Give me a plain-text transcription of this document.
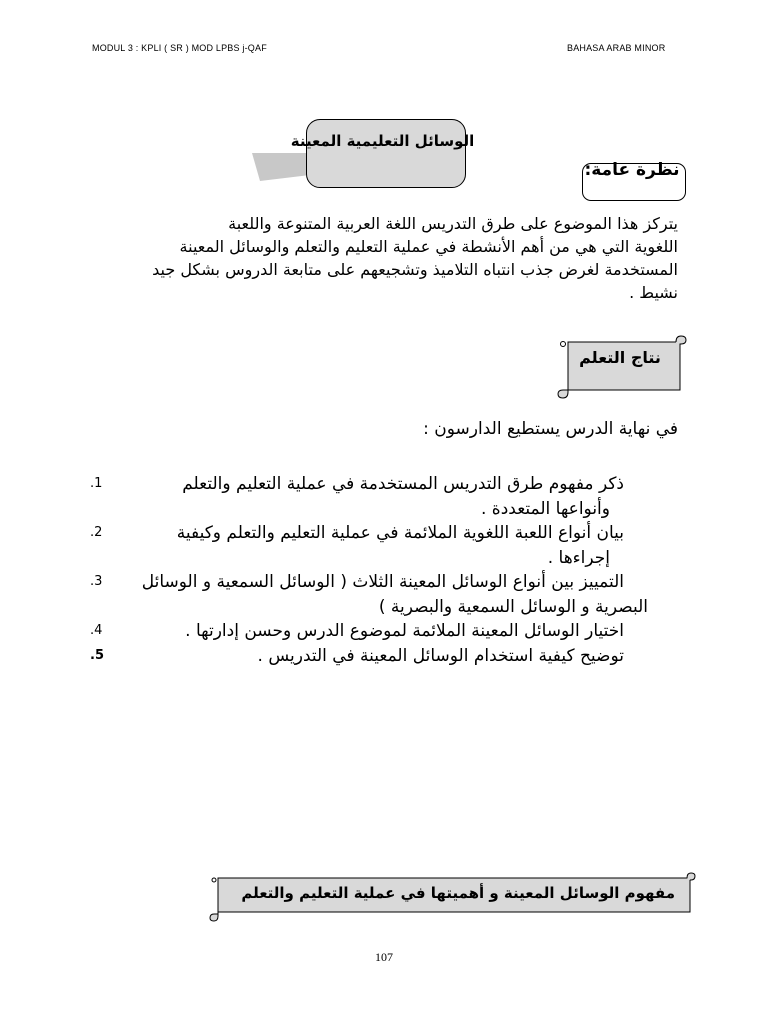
MODUL 3 : KPLI ( SR ) MOD LPBS j-QAF	BAHASA ARAB MINOR
الوسائل التعليمية المعينة
نظرة عامة:
يتركز هذا الموضوع على طرق التدريس اللغة العربية المتنوعة واللعبة
اللغوية التي هي من أهم الأنشطة في عملية التعليم والتعلم والوسائل المعينة
المستخدمة لغرض جذب انتباه التلاميذ وتشجيعهم على متابعة الدروس بشكل جيد
نشيط .
نتاج التعلم
في نهاية الدرس يستطيع الدارسون :
ذكر مفهوم طرق التدريس المستخدمة في عملية التعليم والتعلم
وأنواعها المتعددة .
1.
بيان أنواع اللعبة اللغوية الملائمة في عملية التعليم والتعلم وكيفية
إجراءها .
2.
التمييز بين أنواع الوسائل المعينة الثلاث ( الوسائل السمعية و الوسائل
البصرية و الوسائل السمعية والبصرية )
3.
اختيار الوسائل المعينة الملائمة لموضوع الدرس وحسن إدارتها .
4.
توضيح كيفية استخدام الوسائل المعينة في التدريس .
5.
مفهوم الوسائل المعينة و أهميتها في عملية التعليم والتعلم
107
